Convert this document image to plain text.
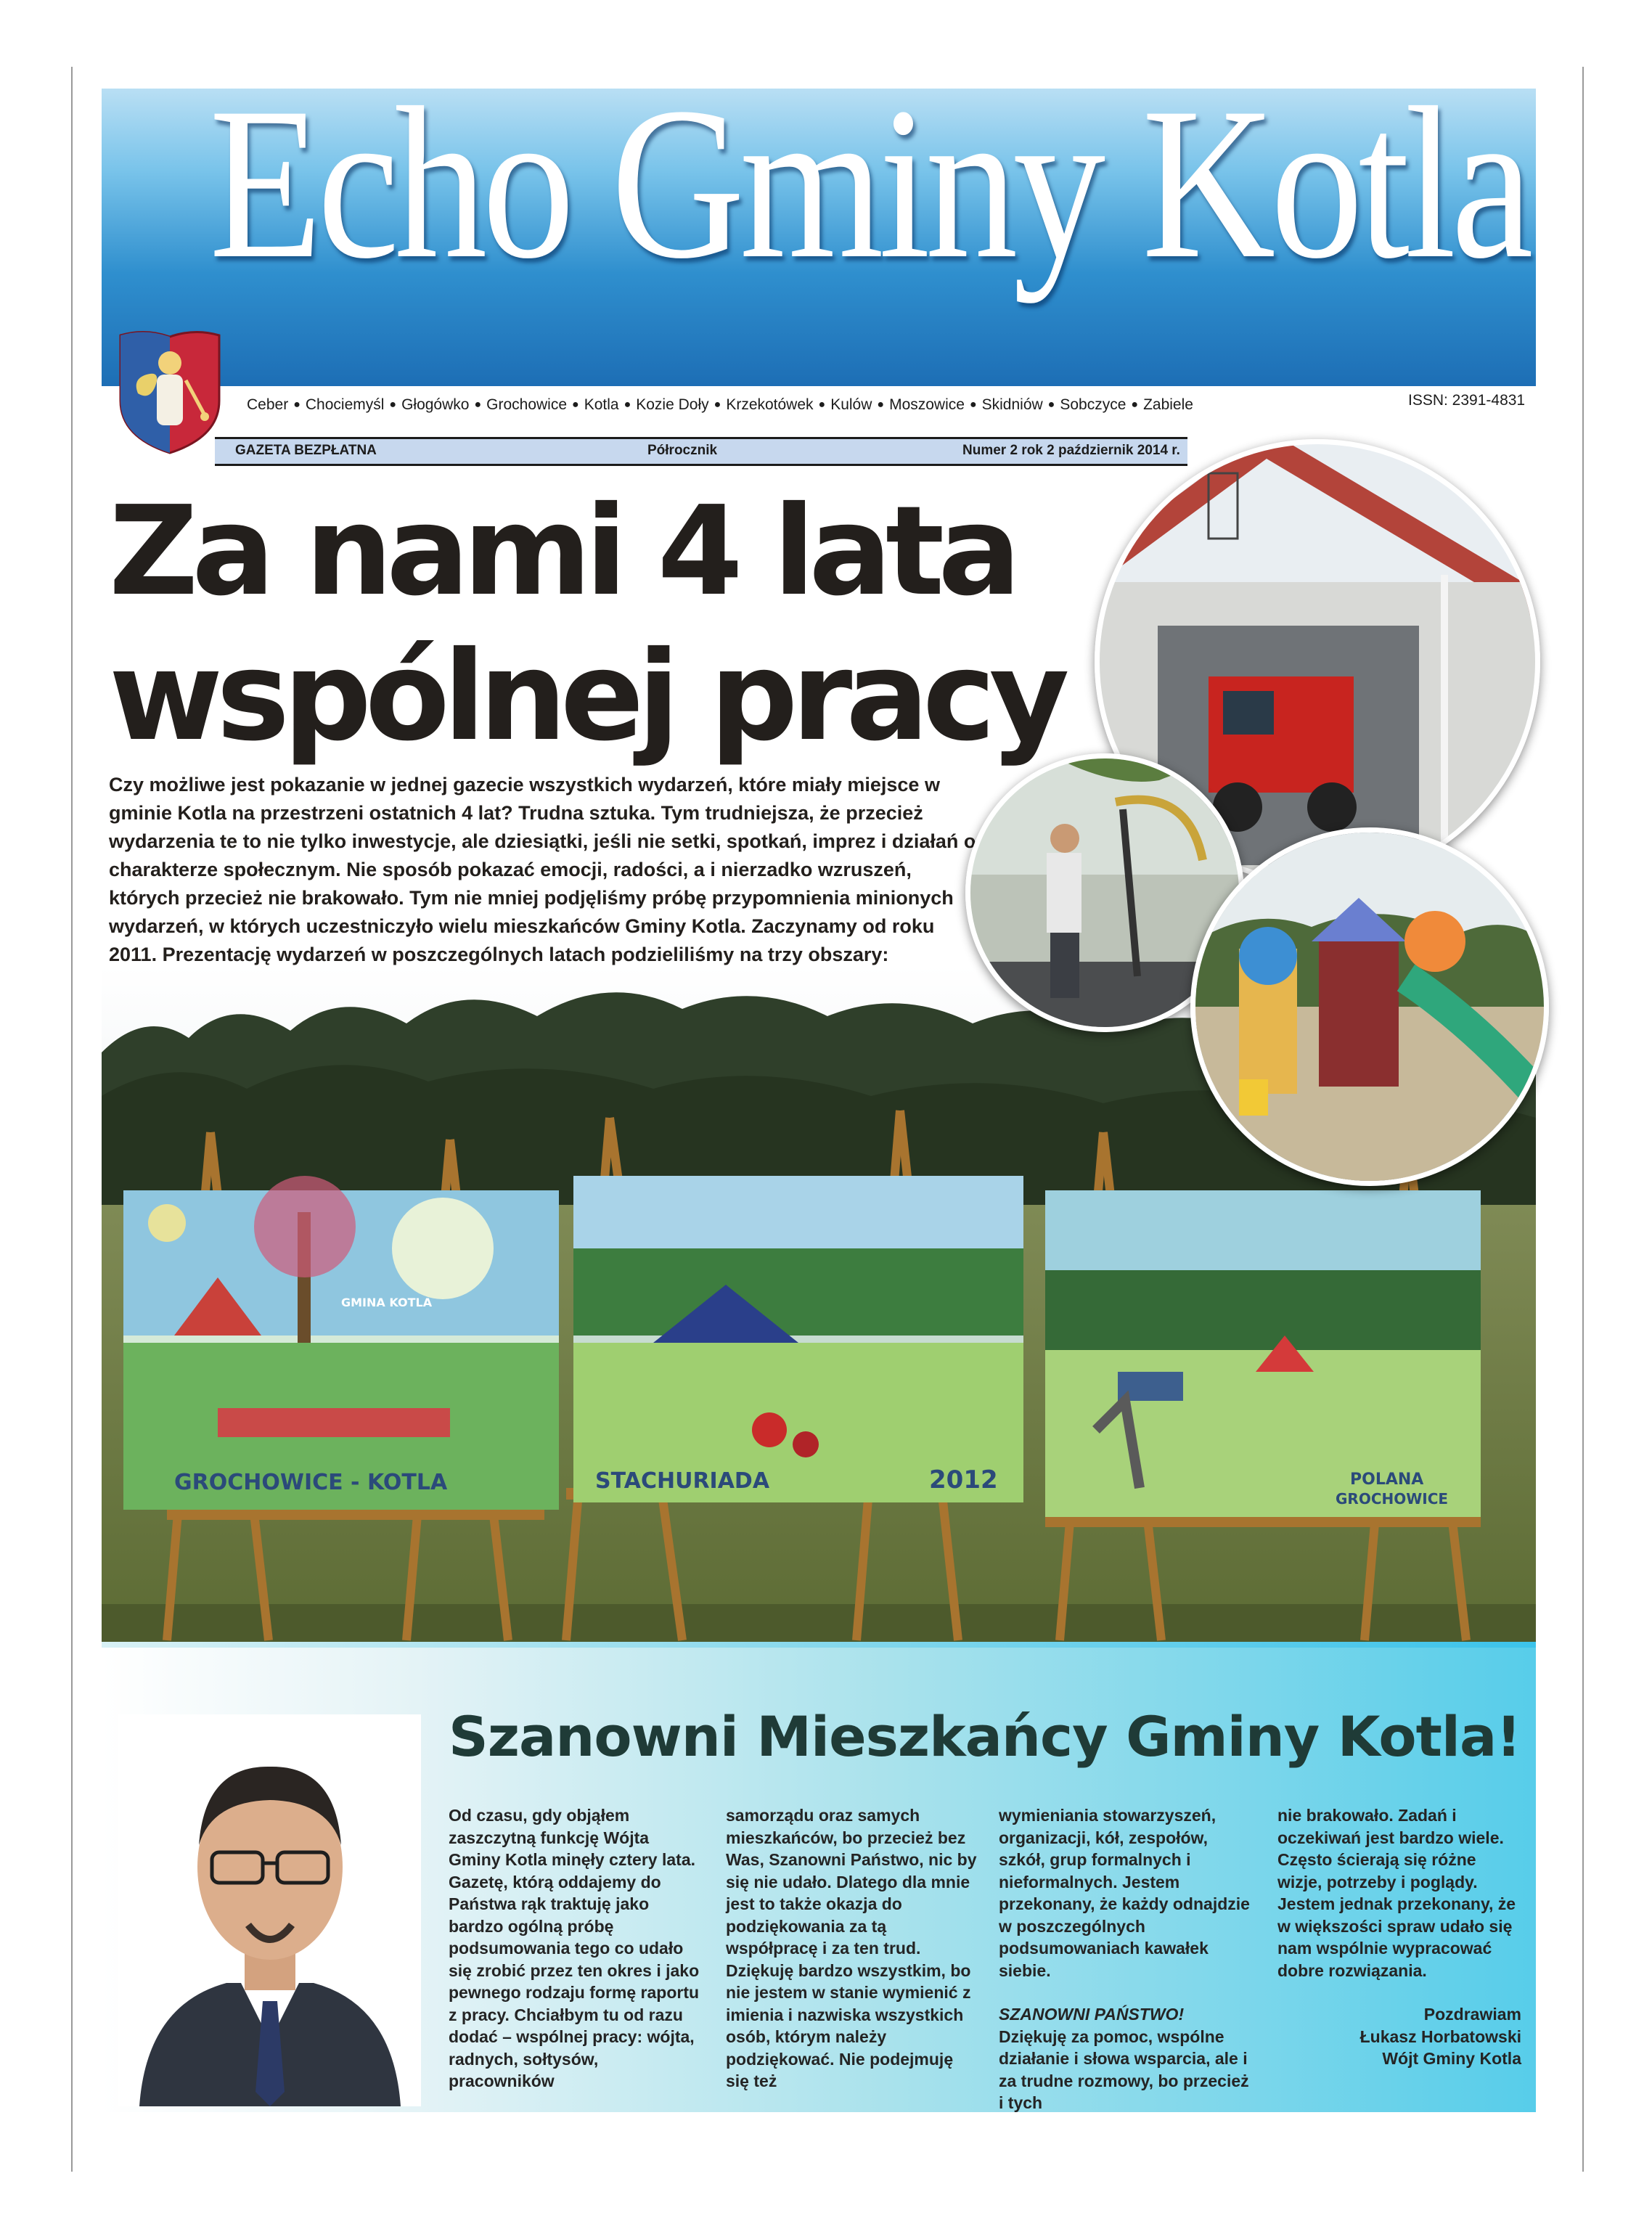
Echo Gminy Kotla
Ceber ● Chociemyśl ● Głogówko ● Grochowice ● Kotla ● Kozie Doły ● Krzekotówek ● Kulów ● Moszowice ● Skidniów ● Sobczyce ● Zabiele	ISSN: 2391-4831
GAZETA BEZPŁATNA	Półrocznik	Numer 2 rok 2 październik 2014 r.
Za nami 4 lata
wspólnej pracy

Czy możliwe jest pokazanie w jednej gazecie wszystkich wydarzeń, które miały miejsce w gminie Kotla na przestrzeni ostatnich 4 lat? Trudna sztuka. Tym trudniejsza, że przecież wydarzenia te to nie tylko inwestycje, ale dziesiątki, jeśli nie setki, spotkań, imprez i działań o charakterze społecznym. Nie sposób pokazać emocji, radości, a i nierzadko wzruszeń, których przecież nie brakowało. Tym nie mniej podjęliśmy próbę przypomnienia minionych wydarzeń, w których uczestniczyło wielu mieszkańców Gminy Kotla. Zaczynamy od roku 2011. Prezentację wydarzeń w poszczególnych latach podzieliliśmy na trzy obszary:

GROCHOWICE - KOTLA
GMINA KOTLA
STACHURIADA	2012	POLANA
GROCHOWICE
Szanowni Mieszkańcy Gminy Kotla!

Od czasu, gdy objąłem zaszczytną funkcję Wójta Gminy Kotla minęły cztery lata. Gazetę, którą oddajemy do Państwa rąk traktuję jako bardzo ogólną próbę podsumowania tego co udało się zrobić przez ten okres i jako pewnego rodzaju formę raportu z pracy. Chciałbym tu od razu dodać – wspólnej pracy: wójta, radnych, sołtysów, pracowników

samorządu oraz samych mieszkańców, bo przecież bez Was, Szanowni Państwo, nic by się nie udało. Dlatego dla mnie jest to także okazja do podziękowania za tą współpracę i za ten trud. Dziękuję bardzo wszystkim, bo nie jestem w stanie wymienić z imienia i nazwiska wszystkich osób, którym należy podziękować. Nie podejmuję się też

wymieniania stowarzyszeń, organizacji, kół, zespołów, szkół, grup formalnych i nieformalnych. Jestem przekonany, że każdy odnajdzie w poszczególnych podsumowaniach kawałek siebie.

SZANOWNI PAŃSTWO!

Dziękuję za pomoc, wspólne działanie i słowa wsparcia, ale i za trudne rozmowy, bo przecież i tych

nie brakowało. Zadań i oczekiwań jest bardzo wiele. Często ścierają się różne wizje, potrzeby i poglądy. Jestem jednak przekonany, że w większości spraw udało się nam wspólnie wypracować dobre rozwiązania.

Pozdrawiam
Łukasz Horbatowski
Wójt Gminy Kotla
